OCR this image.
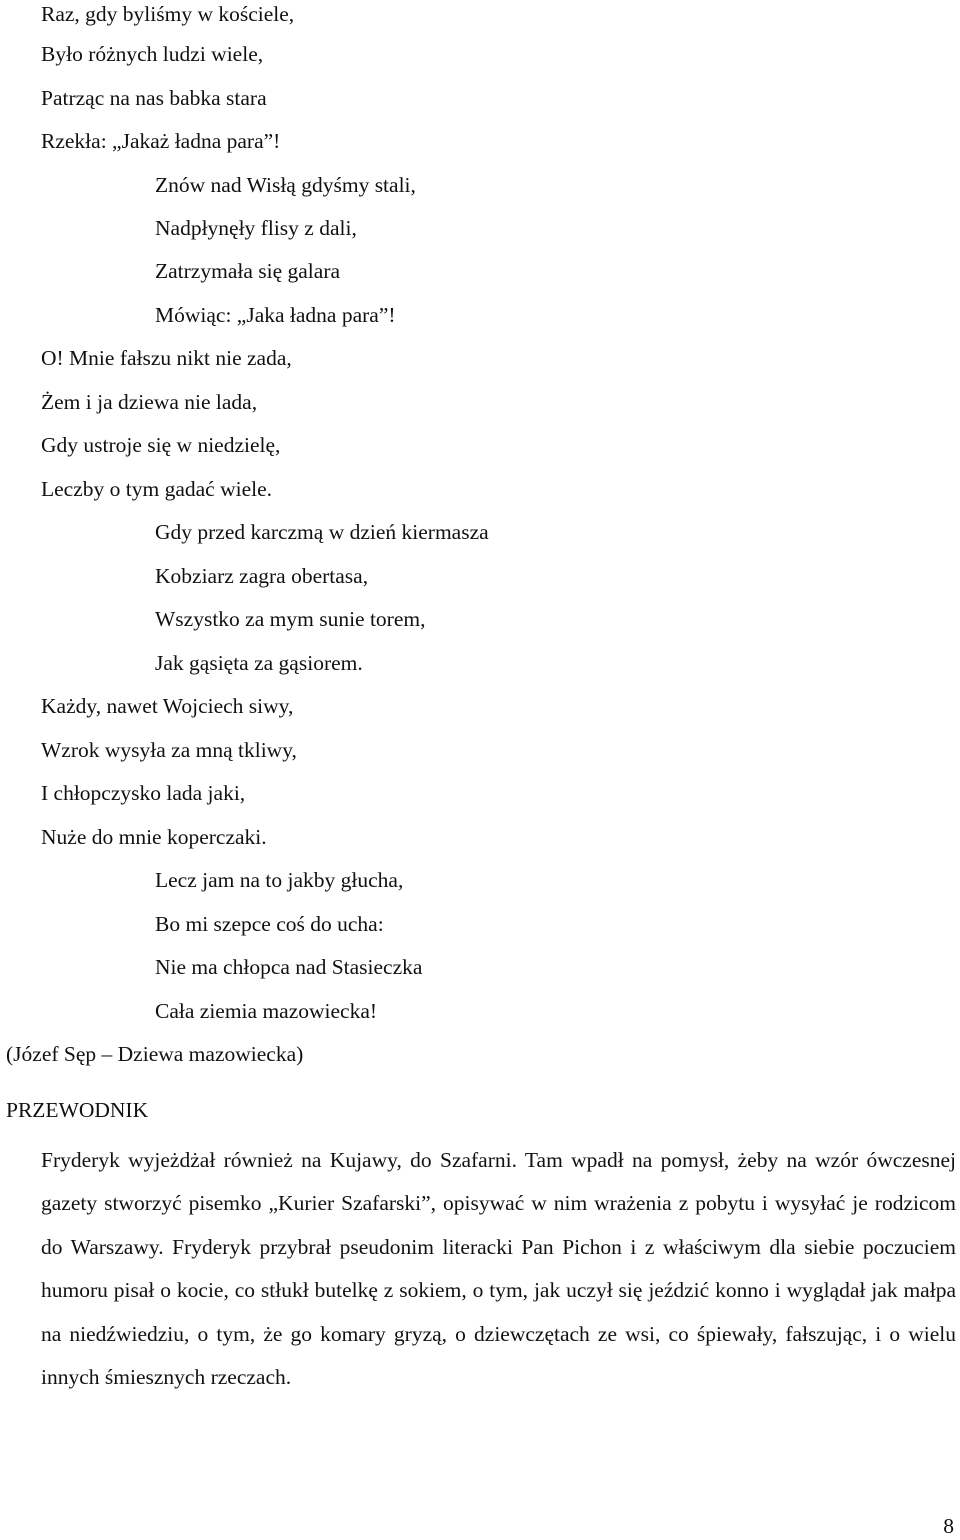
Raz, gdy byliśmy w kościele,

Było różnych ludzi wiele,

Patrząc na nas babka stara

Rzekła: „Jakaż ładna para”!

Znów nad Wisłą gdyśmy stali,

Nadpłynęły flisy z dali,

Zatrzymała się galara

Mówiąc: „Jaka ładna para”!

O! Mnie fałszu nikt nie zada,

Żem i ja dziewa nie lada,

Gdy ustroje się w niedzielę,

Leczby o tym gadać wiele.

Gdy przed karczmą w dzień kiermasza

Kobziarz zagra obertasa,

Wszystko za mym sunie torem,

Jak gąsięta za gąsiorem.

Każdy, nawet Wojciech siwy,

Wzrok wysyła za mną tkliwy,

I chłopczysko lada jaki,

Nuże do mnie koperczaki.

Lecz jam na to jakby głucha,

Bo mi szepce coś do ucha:

Nie ma chłopca nad Stasieczka

Cała ziemia mazowiecka!

(Józef Sęp – Dziewa mazowiecka)

PRZEWODNIK

Fryderyk wyjeżdżał również na Kujawy, do Szafarni. Tam wpadł na pomysł, żeby na wzór ówczesnej gazety stworzyć pisemko „Kurier Szafarski”, opisywać w nim wrażenia z pobytu i wysyłać je rodzicom do Warszawy. Fryderyk przybrał pseudonim literacki Pan Pichon i z właściwym dla siebie poczuciem humoru pisał o kocie, co stłukł butelkę z sokiem, o tym, jak uczył się jeździć konno i wyglądał jak małpa na niedźwiedziu, o tym, że go komary gryzą, o dziewczętach ze wsi, co śpiewały, fałszując, i o wielu innych śmiesznych rzeczach.

8
